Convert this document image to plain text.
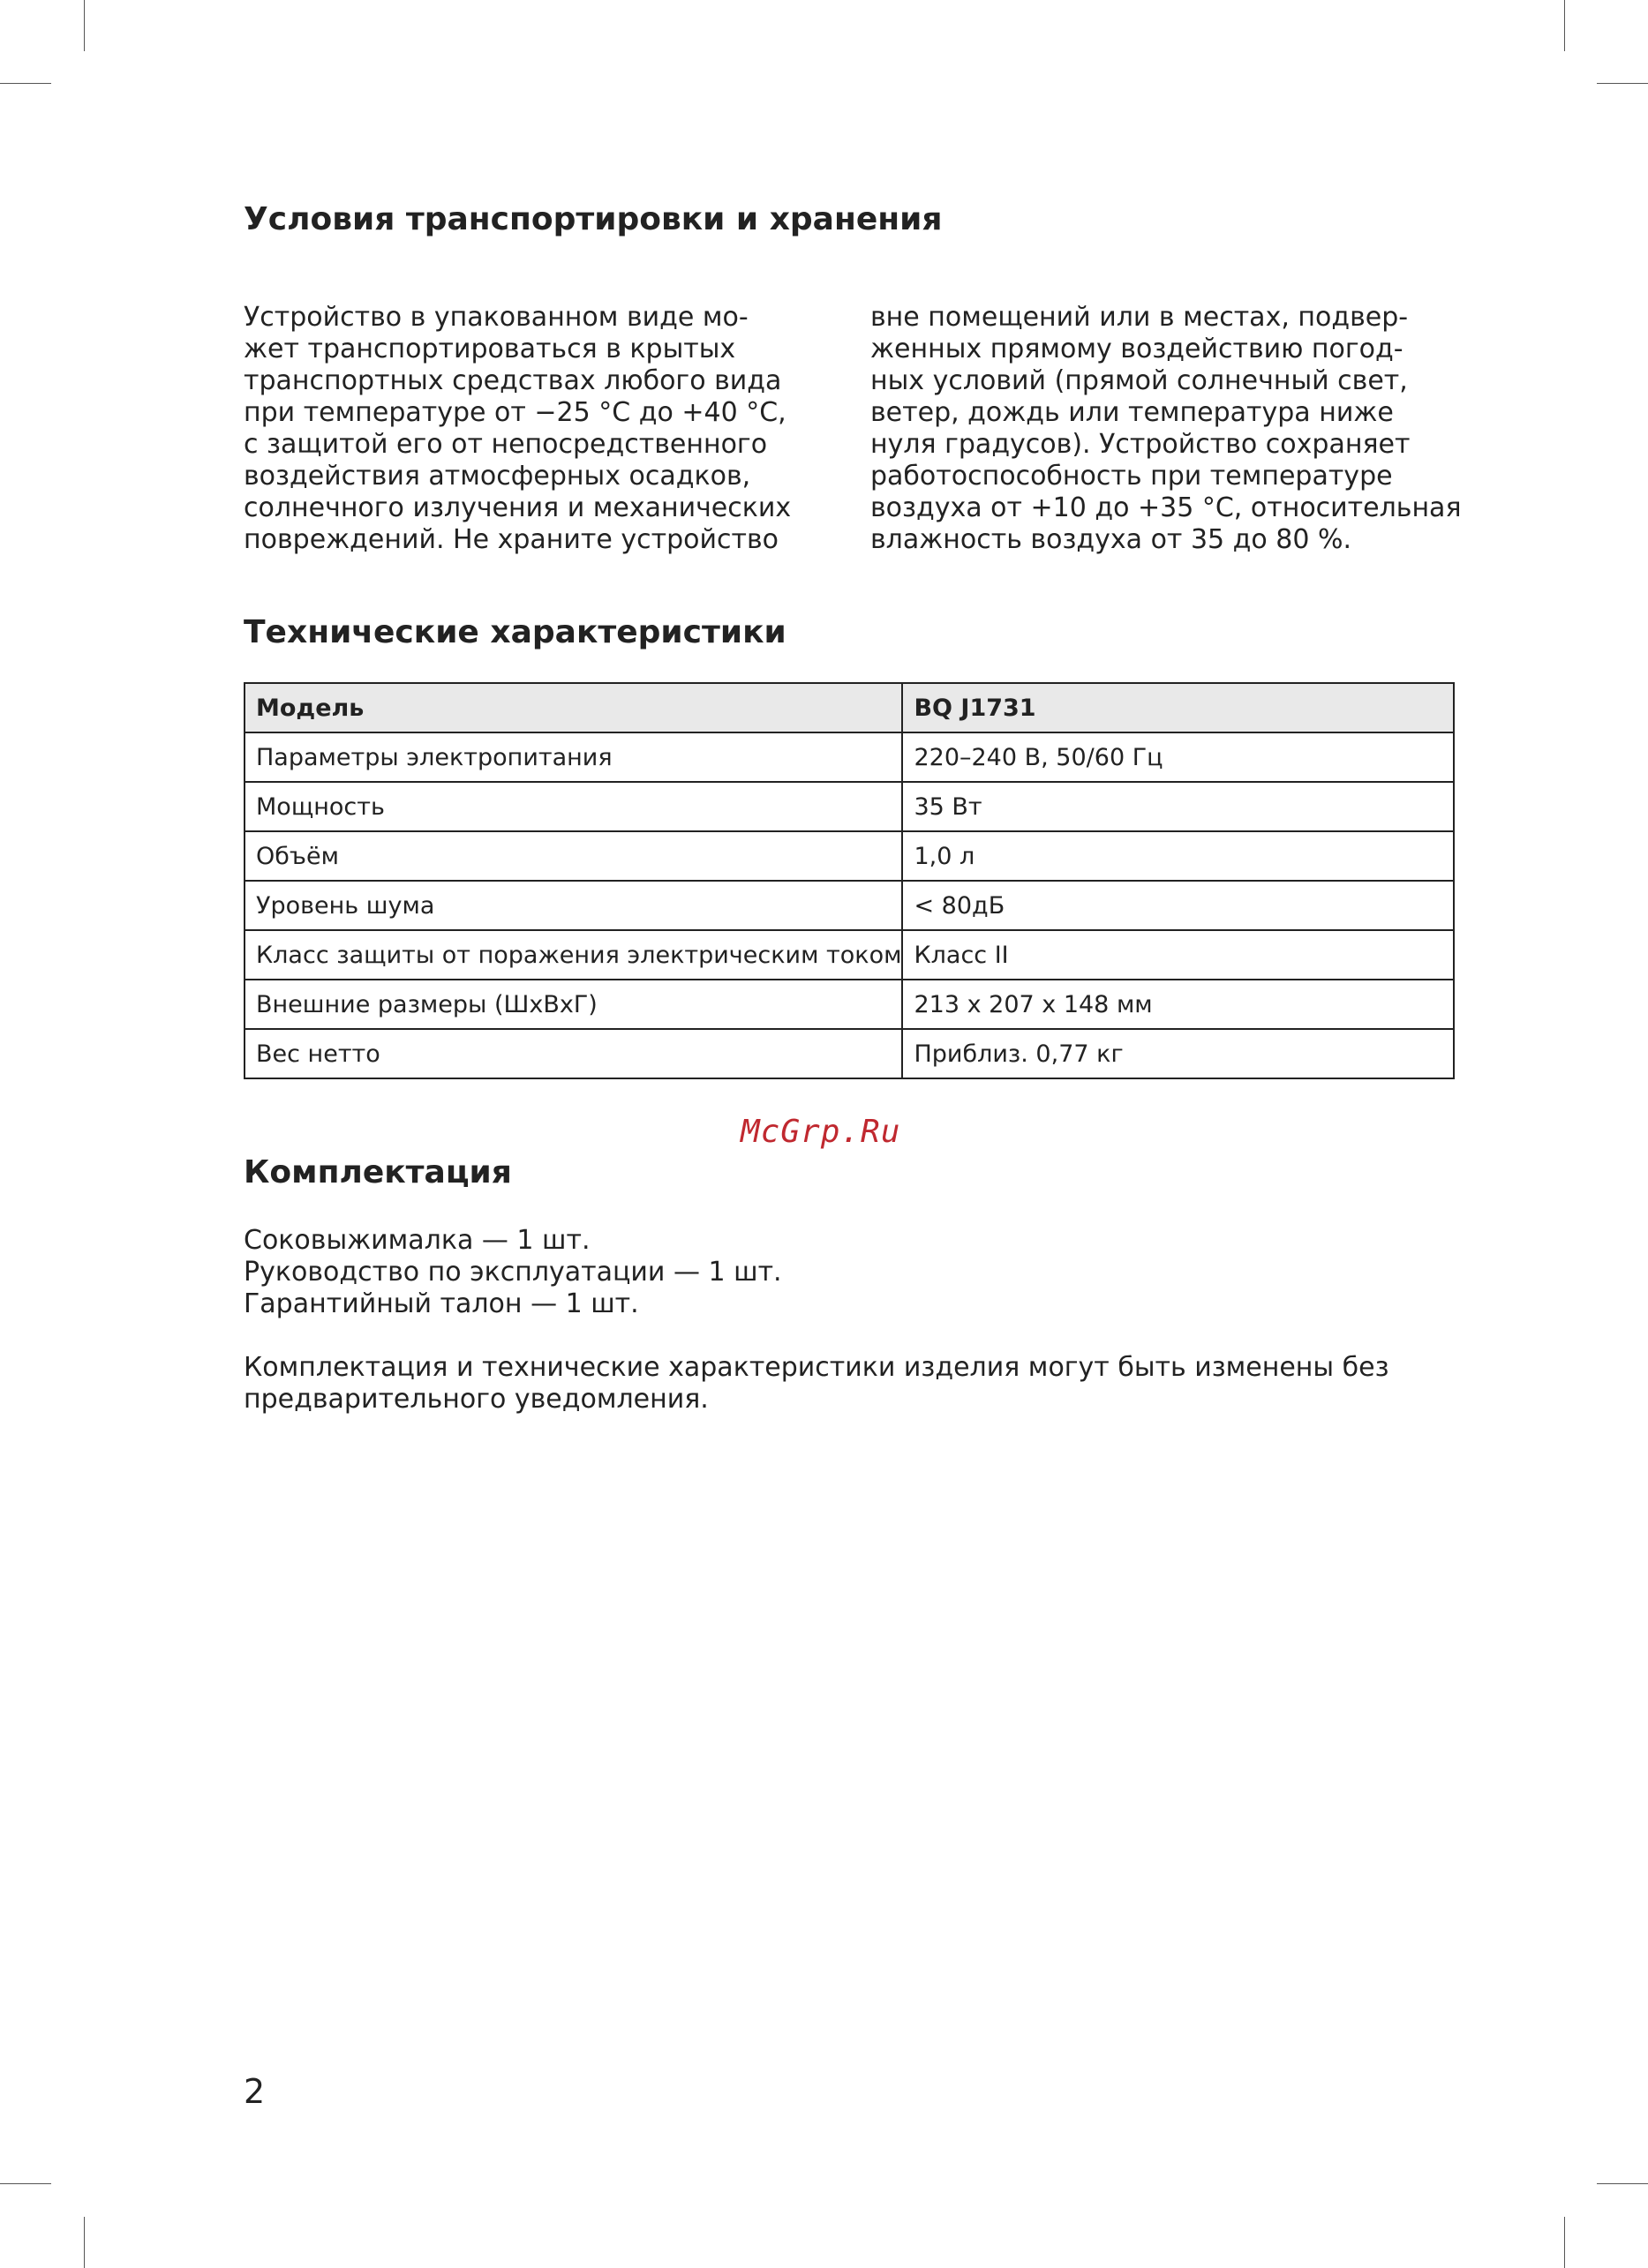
Условия транспортировки и хранения
Устройство в упакованном виде мо-
жет транспортироваться в крытых
транспортных средствах любого вида
при температуре от −25 °C до +40 °C,
с защитой его от непосредственного
воздействия атмосферных осадков,
солнечного излучения и механических
повреждений. Не храните устройство
вне помещений или в местах, подвер-
женных прямому воздействию погод-
ных условий (прямой солнечный свет,
ветер, дождь или температура ниже
нуля градусов). Устройство сохраняет
работоспособность при температуре
воздуха от +10 до +35 °C, относительная
влажность воздуха от 35 до 80 %.
Технические характеристики
Модель	BQ J1731
Параметры электропитания	220–240 В, 50/60 Гц
Мощность	35 Вт
Объём	1,0 л
Уровень шума	< 80дБ
Класс защиты от поражения электрическим током	Класс II
Внешние размеры (ШхВхГ)	213 x 207 x 148 мм
Вес нетто	Приблиз. 0,77 кг
Комплектация
Соковыжималка — 1 шт.
Руководство по эксплуатации — 1 шт.
Гарантийный талон — 1 шт.
Комплектация и технические характеристики изделия могут быть изменены без
предварительного уведомления.
McGrp.Ru
2
